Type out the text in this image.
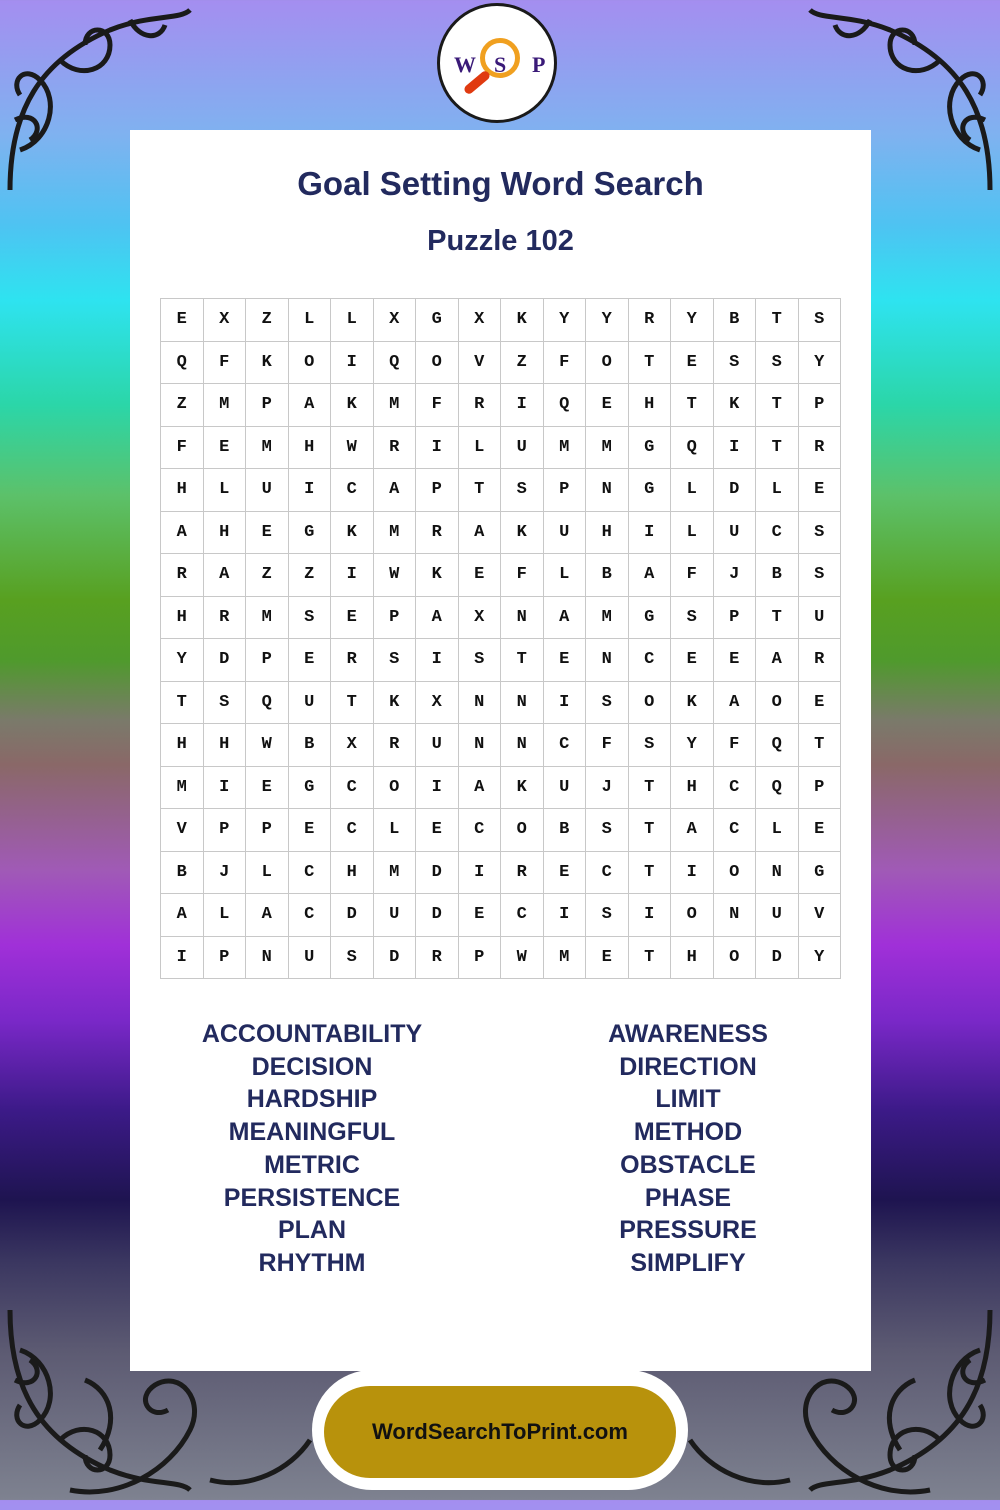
W S P
Goal Setting Word Search
Puzzle 102
E	X	Z	L	L	X	G	X	K	Y	Y	R	Y	B	T	S
Q	F	K	O	I	Q	O	V	Z	F	O	T	E	S	S	Y
Z	M	P	A	K	M	F	R	I	Q	E	H	T	K	T	P
F	E	M	H	W	R	I	L	U	M	M	G	Q	I	T	R
H	L	U	I	C	A	P	T	S	P	N	G	L	D	L	E
A	H	E	G	K	M	R	A	K	U	H	I	L	U	C	S
R	A	Z	Z	I	W	K	E	F	L	B	A	F	J	B	S
H	R	M	S	E	P	A	X	N	A	M	G	S	P	T	U
Y	D	P	E	R	S	I	S	T	E	N	C	E	E	A	R
T	S	Q	U	T	K	X	N	N	I	S	O	K	A	O	E
H	H	W	B	X	R	U	N	N	C	F	S	Y	F	Q	T
M	I	E	G	C	O	I	A	K	U	J	T	H	C	Q	P
V	P	P	E	C	L	E	C	O	B	S	T	A	C	L	E
B	J	L	C	H	M	D	I	R	E	C	T	I	O	N	G
A	L	A	C	D	U	D	E	C	I	S	I	O	N	U	V
I	P	N	U	S	D	R	P	W	M	E	T	H	O	D	Y
ACCOUNTABILITY
DECISION
HARDSHIP
MEANINGFUL
METRIC
PERSISTENCE
PLAN
RHYTHM
AWARENESS
DIRECTION
LIMIT
METHOD
OBSTACLE
PHASE
PRESSURE
SIMPLIFY
WordSearchToPrint.com
